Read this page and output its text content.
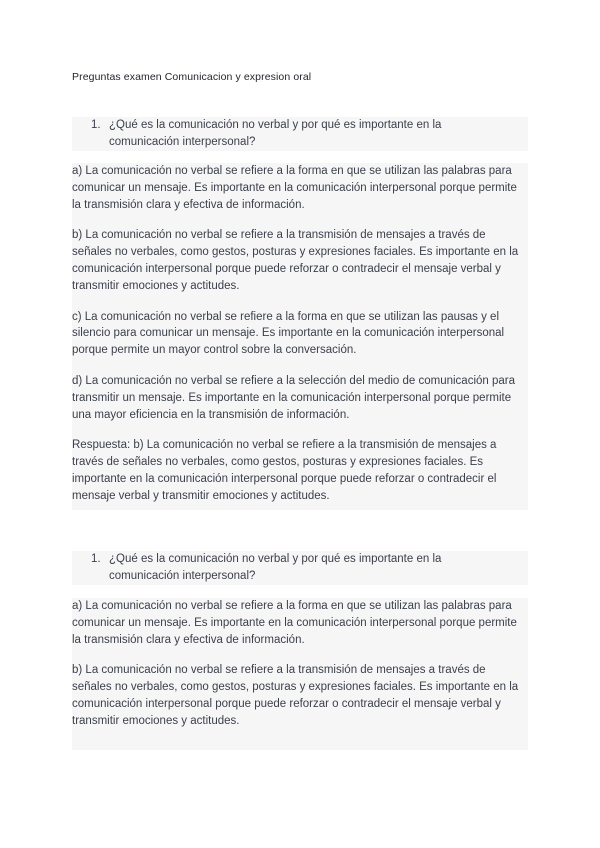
Preguntas examen Comunicacion y expresion oral
1. ¿Qué es la comunicación no verbal y por qué es importante en la comunicación interpersonal?

a) La comunicación no verbal se refiere a la forma en que se utilizan las palabras para comunicar un mensaje. Es importante en la comunicación interpersonal porque permite la transmisión clara y efectiva de información.

b) La comunicación no verbal se refiere a la transmisión de mensajes a través de señales no verbales, como gestos, posturas y expresiones faciales. Es importante en la comunicación interpersonal porque puede reforzar o contradecir el mensaje verbal y transmitir emociones y actitudes.

c) La comunicación no verbal se refiere a la forma en que se utilizan las pausas y el silencio para comunicar un mensaje. Es importante en la comunicación interpersonal porque permite un mayor control sobre la conversación.

d) La comunicación no verbal se refiere a la selección del medio de comunicación para transmitir un mensaje. Es importante en la comunicación interpersonal porque permite una mayor eficiencia en la transmisión de información.

Respuesta: b) La comunicación no verbal se refiere a la transmisión de mensajes a través de señales no verbales, como gestos, posturas y expresiones faciales. Es importante en la comunicación interpersonal porque puede reforzar o contradecir el mensaje verbal y transmitir emociones y actitudes.

1. ¿Qué es la comunicación no verbal y por qué es importante en la comunicación interpersonal?

a) La comunicación no verbal se refiere a la forma en que se utilizan las palabras para comunicar un mensaje. Es importante en la comunicación interpersonal porque permite la transmisión clara y efectiva de información.

b) La comunicación no verbal se refiere a la transmisión de mensajes a través de señales no verbales, como gestos, posturas y expresiones faciales. Es importante en la comunicación interpersonal porque puede reforzar o contradecir el mensaje verbal y transmitir emociones y actitudes.
